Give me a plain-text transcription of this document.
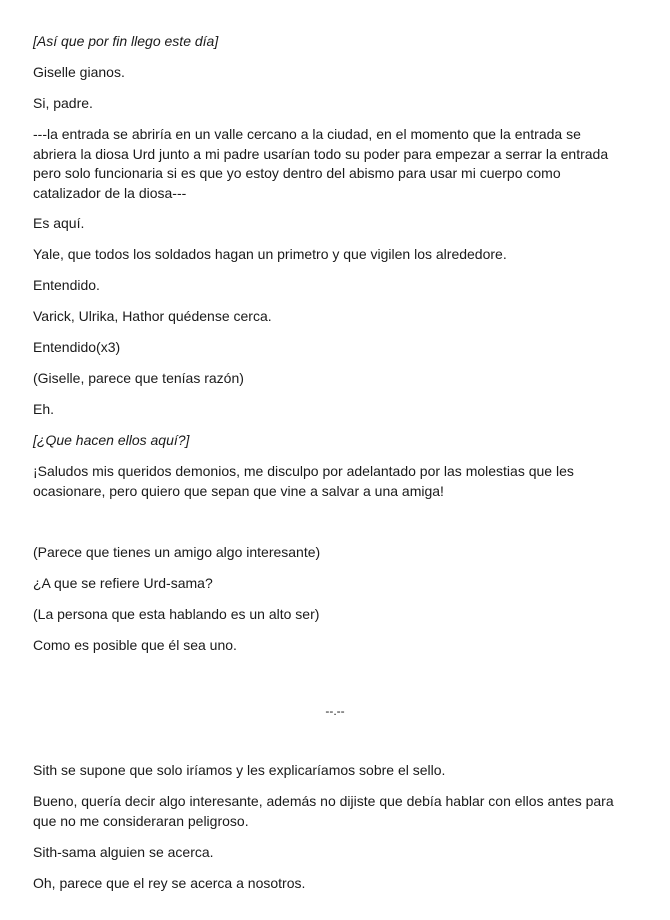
[Así que por fin llego este día]

Giselle gianos.

Si, padre.

---la entrada se abriría en un valle cercano a la ciudad, en el momento que la entrada se abriera la diosa Urd junto a mi padre usarían todo su poder para empezar a serrar la entrada pero solo funcionaria si es que yo estoy dentro del abismo para usar mi cuerpo como catalizador de la diosa---

Es aquí.

Yale, que todos los soldados hagan un primetro y que vigilen los alrededore.

Entendido.

Varick, Ulrika, Hathor quédense cerca.

Entendido(x3)

(Giselle, parece que tenías razón)

Eh.

[¿Que hacen ellos aquí?]

¡Saludos mis queridos demonios, me disculpo por adelantado por las molestias que les ocasionare, pero quiero que sepan que vine a salvar a una amiga!

(Parece que tienes un amigo algo interesante)

¿A que se refiere Urd-sama?

(La persona que esta hablando es un alto ser)

Como es posible que él sea uno.

--.--

Sith se supone que solo iríamos y les explicaríamos sobre el sello.

Bueno, quería decir algo interesante, además no dijiste que debía hablar con ellos antes para que no me consideraran peligroso.

Sith-sama alguien se acerca.

Oh, parece que el rey se acerca a nosotros.
